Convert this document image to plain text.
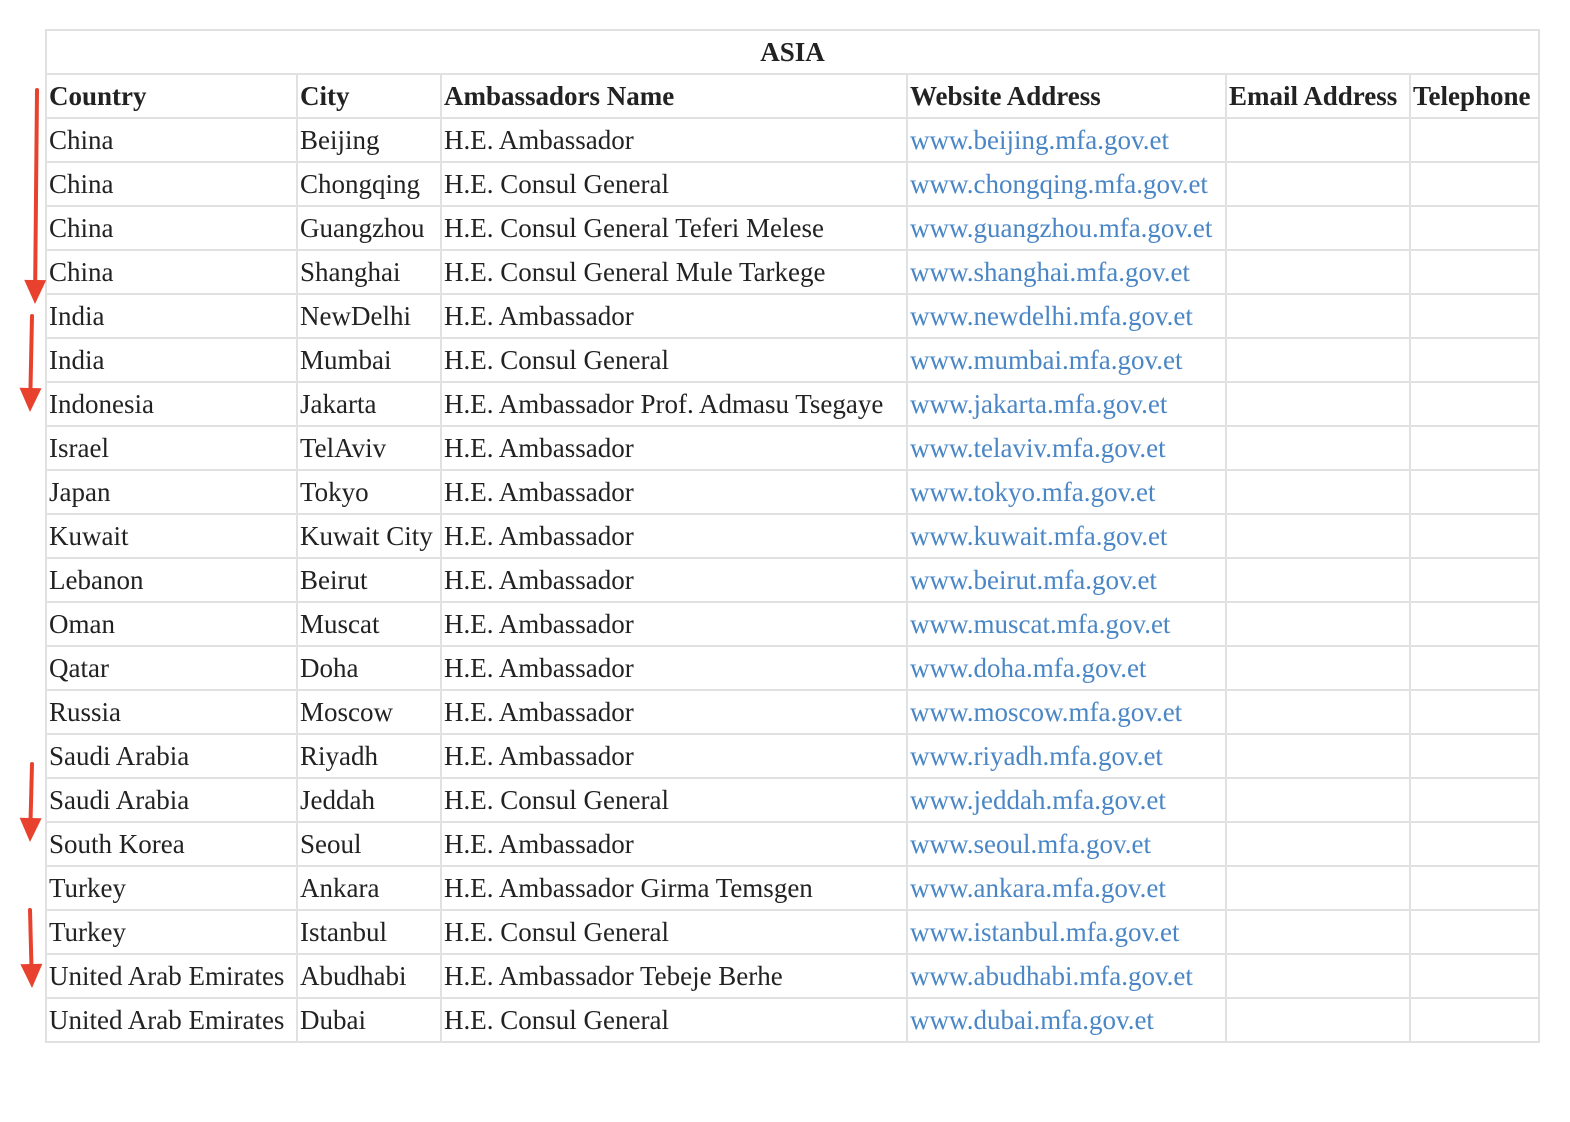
ASIA					
Country	City	Ambassadors Name	Website Address	Email Address	Telephone
China	Beijing	H.E. Ambassador	www.beijing.mfa.gov.et		
China	Chongqing	H.E. Consul General	www.chongqing.mfa.gov.et		
China	Guangzhou	H.E. Consul General Teferi Melese	www.guangzhou.mfa.gov.et		
China	Shanghai	H.E. Consul General Mule Tarkege	www.shanghai.mfa.gov.et		
India	NewDelhi	H.E. Ambassador	www.newdelhi.mfa.gov.et		
India	Mumbai	H.E. Consul General	www.mumbai.mfa.gov.et		
Indonesia	Jakarta	H.E. Ambassador Prof. Admasu Tsegaye	www.jakarta.mfa.gov.et		
Israel	TelAviv	H.E. Ambassador	www.telaviv.mfa.gov.et		
Japan	Tokyo	H.E. Ambassador	www.tokyo.mfa.gov.et		
Kuwait	Kuwait City	H.E. Ambassador	www.kuwait.mfa.gov.et		
Lebanon	Beirut	H.E. Ambassador	www.beirut.mfa.gov.et		
Oman	Muscat	H.E. Ambassador	www.muscat.mfa.gov.et		
Qatar	Doha	H.E. Ambassador	www.doha.mfa.gov.et		
Russia	Moscow	H.E. Ambassador	www.moscow.mfa.gov.et		
Saudi Arabia	Riyadh	H.E. Ambassador	www.riyadh.mfa.gov.et		
Saudi Arabia	Jeddah	H.E. Consul General	www.jeddah.mfa.gov.et		
South Korea	Seoul	H.E. Ambassador	www.seoul.mfa.gov.et		
Turkey	Ankara	H.E. Ambassador Girma Temsgen	www.ankara.mfa.gov.et		
Turkey	Istanbul	H.E. Consul General	www.istanbul.mfa.gov.et		
United Arab Emirates	Abudhabi	H.E. Ambassador Tebeje Berhe	www.abudhabi.mfa.gov.et		
United Arab Emirates	Dubai	H.E. Consul General	www.dubai.mfa.gov.et		
